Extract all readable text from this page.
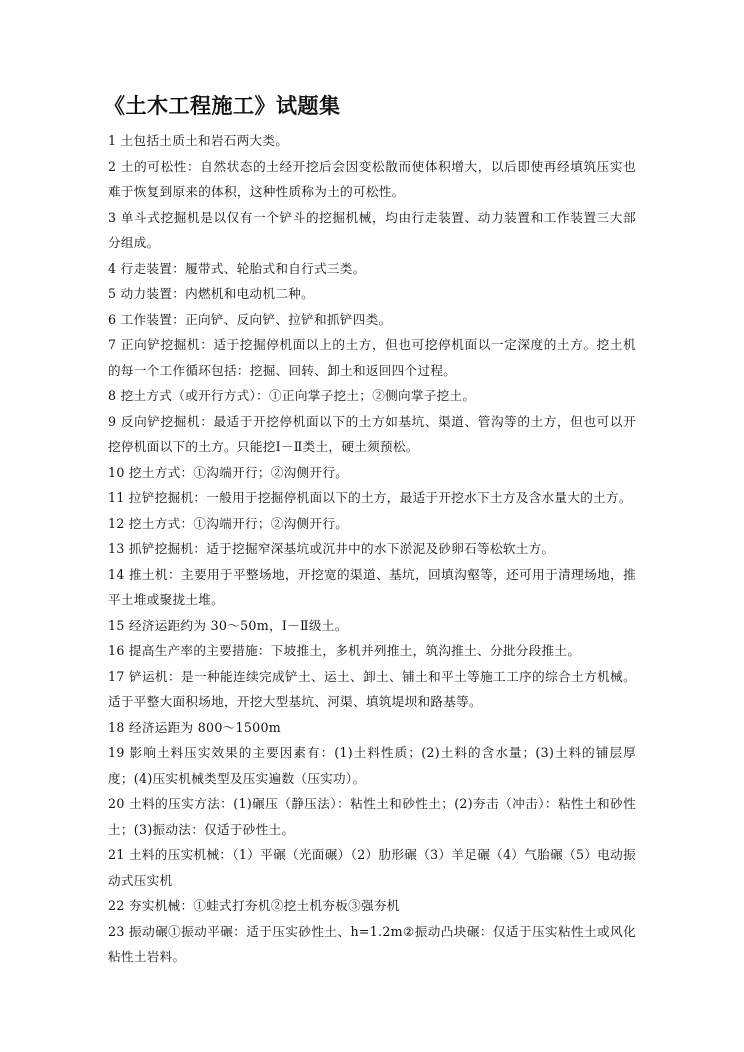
《土木工程施工》试题集
1 土包括土质土和岩石两大类。
2 土的可松性：自然状态的土经开挖后会因变松散而使体积增大，以后即使再经填筑压实也难于恢复到原来的体积，这种性质称为土的可松性。
3 单斗式挖掘机是以仅有一个铲斗的挖掘机械，均由行走装置、动力装置和工作装置三大部分组成。
4 行走装置：履带式、轮胎式和自行式三类。
5 动力装置：内燃机和电动机二种。
6 工作装置：正向铲、反向铲、拉铲和抓铲四类。
7 正向铲挖掘机：适于挖掘停机面以上的土方，但也可挖停机面以一定深度的土方。挖土机的每一个工作循环包括：挖掘、回转、卸土和返回四个过程。
8 挖土方式（或开行方式）：①正向掌子挖土；②侧向掌子挖土。
9 反向铲挖掘机：最适于开挖停机面以下的土方如基坑、渠道、管沟等的土方，但也可以开挖停机面以下的土方。只能挖Ⅰ－Ⅱ类土，硬土须预松。
10 挖土方式：①沟端开行；②沟侧开行。
11 拉铲挖掘机：一般用于挖掘停机面以下的土方，最适于开挖水下土方及含水量大的土方。
12 挖土方式：①沟端开行；②沟侧开行。
13 抓铲挖掘机：适于挖掘窄深基坑或沉井中的水下淤泥及砂卵石等松软土方。
14 推土机：主要用于平整场地，开挖宽的渠道、基坑，回填沟壑等，还可用于清理场地，推平土堆或聚拢土堆。
15 经济运距约为 30～50m，Ⅰ－Ⅱ级土。
16 提高生产率的主要措施：下坡推土，多机并列推土，筑沟推土、分批分段推土。
17 铲运机：是一种能连续完成铲土、运土、卸土、铺土和平土等施工工序的综合土方机械。适于平整大面积场地，开挖大型基坑、河渠、填筑堤坝和路基等。
18 经济运距为 800～1500m
19 影响土料压实效果的主要因素有：(1)土料性质；(2)土料的含水量；(3)土料的铺层厚度；(4)压实机械类型及压实遍数（压实功）。
20 土料的压实方法：(1)碾压（静压法）：粘性土和砂性土；(2)夯击（冲击）：粘性土和砂性土；(3)振动法：仅适于砂性土。
21 土料的压实机械：（1）平碾（光面碾）（2）肋形碾（3）羊足碾（4）气胎碾（5）电动振动式压实机
22 夯实机械：①蛙式打夯机②挖土机夯板③强夯机
23 振动碾①振动平碾：适于压实砂性土、h=1.2m②振动凸块碾：仅适于压实粘性土或风化粘性土岩料。
